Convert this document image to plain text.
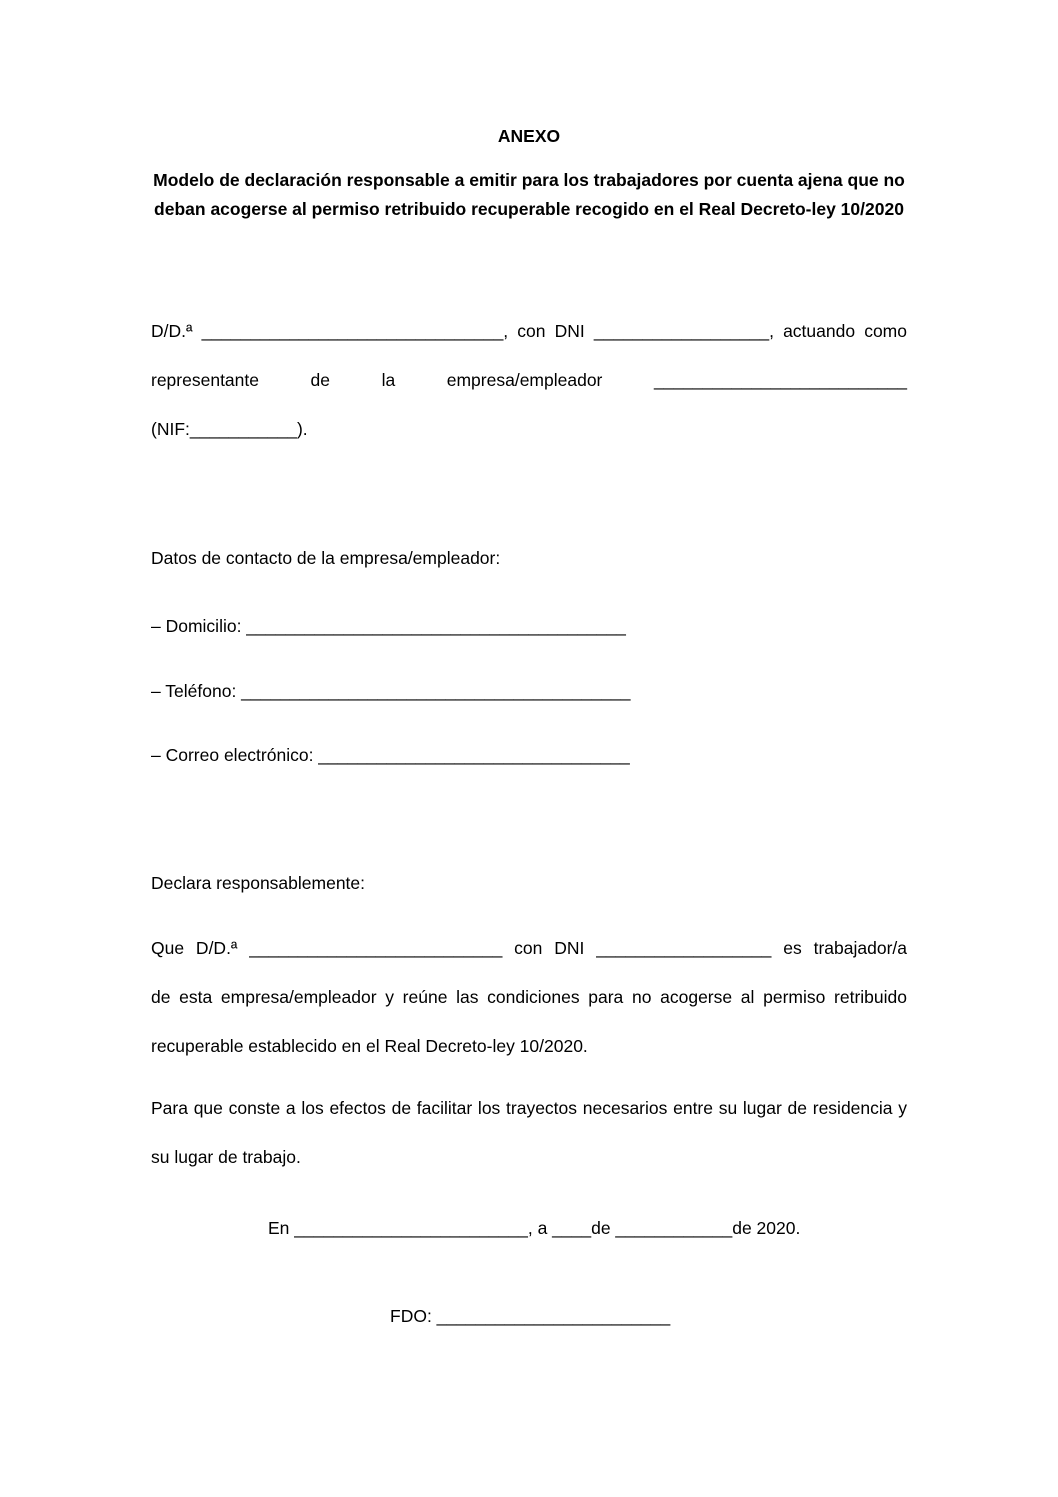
ANEXO
Modelo de declaración responsable a emitir para los trabajadores por cuenta ajena que no
deban acogerse al permiso retribuido recuperable recogido en el Real Decreto-ley 10/2020
D/D.ª _______________________________, con DNI __________________, actuando como
representante de la empresa/empleador __________________________
(NIF:___________).
Datos de contacto de la empresa/empleador:
– Domicilio: _______________________________________
– Teléfono: ________________________________________
– Correo electrónico: ________________________________
Declara responsablemente:
Que D/D.ª __________________________ con DNI __________________ es trabajador/a
de esta empresa/empleador y reúne las condiciones para no acogerse al permiso retribuido
recuperable establecido en el Real Decreto-ley 10/2020.
Para que conste a los efectos de facilitar los trayectos necesarios entre su lugar de residencia y
su lugar de trabajo.
En ________________________, a ____de ____________de 2020.
FDO: ________________________
